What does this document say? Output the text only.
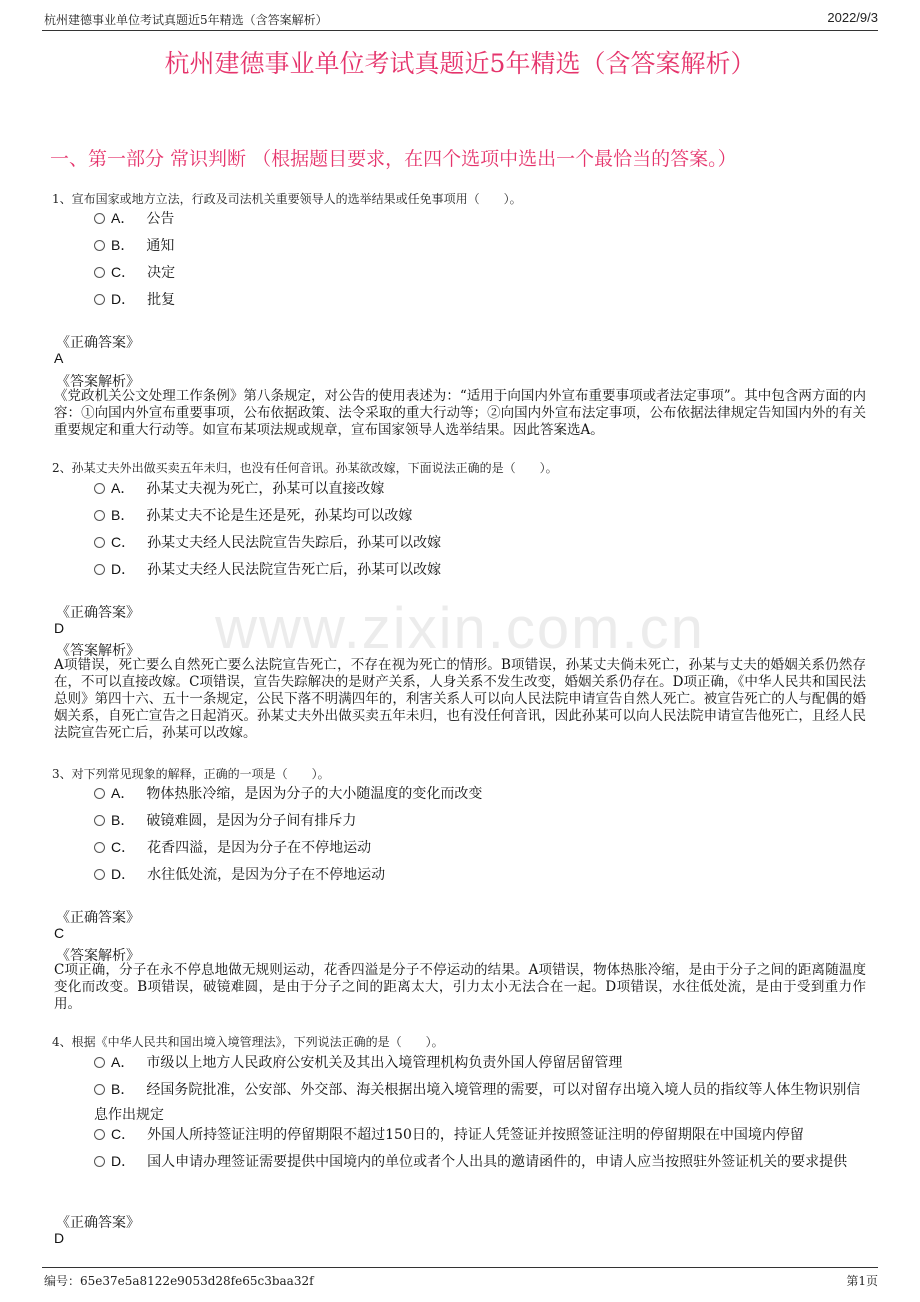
杭州建德事业单位考试真题近5年精选（含答案解析）	2022/9/3
杭州建德事业单位考试真题近5年精选（含答案解析）
一、第一部分 常识判断 （根据题目要求，在四个选项中选出一个最恰当的答案。）
www.zixin.com.cn
1、宣布国家或地方立法，行政及司法机关重要领导人的选举结果或任免事项用（　　）。
A． 公告
B． 通知
C． 决定
D． 批复
《正确答案》
A
《答案解析》
《党政机关公文处理工作条例》第八条规定，对公告的使用表述为：“适用于向国内外宣布重要事项或者法定事项”。其中包含两方面的内容：①向国内外宣布重要事项，公布依据政策、法令采取的重大行动等；②向国内外宣布法定事项，公布依据法律规定告知国内外的有关重要规定和重大行动等。如宣布某项法规或规章，宣布国家领导人选举结果。因此答案选A。
2、孙某丈夫外出做买卖五年未归，也没有任何音讯。孙某欲改嫁，下面说法正确的是（　　）。
A． 孙某丈夫视为死亡，孙某可以直接改嫁
B． 孙某丈夫不论是生还是死，孙某均可以改嫁
C． 孙某丈夫经人民法院宣告失踪后，孙某可以改嫁
D． 孙某丈夫经人民法院宣告死亡后，孙某可以改嫁
《正确答案》
D
《答案解析》
A项错误，死亡要么自然死亡要么法院宣告死亡，不存在视为死亡的情形。B项错误，孙某丈夫倘未死亡，孙某与丈夫的婚姻关系仍然存在，不可以直接改嫁。C项错误，宣告失踪解决的是财产关系，人身关系不发生改变，婚姻关系仍存在。D项正确，《中华人民共和国民法总则》第四十六、五十一条规定，公民下落不明满四年的，利害关系人可以向人民法院申请宣告自然人死亡。被宣告死亡的人与配偶的婚姻关系，自死亡宣告之日起消灭。孙某丈夫外出做买卖五年未归，也有没任何音讯，因此孙某可以向人民法院申请宣告他死亡，且经人民法院宣告死亡后，孙某可以改嫁。
3、对下列常见现象的解释，正确的一项是（　　）。
A． 物体热胀冷缩，是因为分子的大小随温度的变化而改变
B． 破镜难圆，是因为分子间有排斥力
C． 花香四溢，是因为分子在不停地运动
D． 水往低处流，是因为分子在不停地运动
《正确答案》
C
《答案解析》
C项正确，分子在永不停息地做无规则运动，花香四溢是分子不停运动的结果。A项错误，物体热胀冷缩，是由于分子之间的距离随温度变化而改变。B项错误，破镜难圆，是由于分子之间的距离太大，引力太小无法合在一起。D项错误，水往低处流，是由于受到重力作用。
4、根据《中华人民共和国出境入境管理法》，下列说法正确的是（　　）。
A． 市级以上地方人民政府公安机关及其出入境管理机构负责外国人停留居留管理
B． 经国务院批准，公安部、外交部、海关根据出境入境管理的需要，可以对留存出境入境人员的指纹等人体生物识别信息作出规定
C． 外国人所持签证注明的停留期限不超过150日的，持证人凭签证并按照签证注明的停留期限在中国境内停留
D． 国人申请办理签证需要提供中国境内的单位或者个人出具的邀请函件的，申请人应当按照驻外签证机关的要求提供
《正确答案》
D
编号：65e37e5a8122e9053d28fe65c3baa32f	第1页
